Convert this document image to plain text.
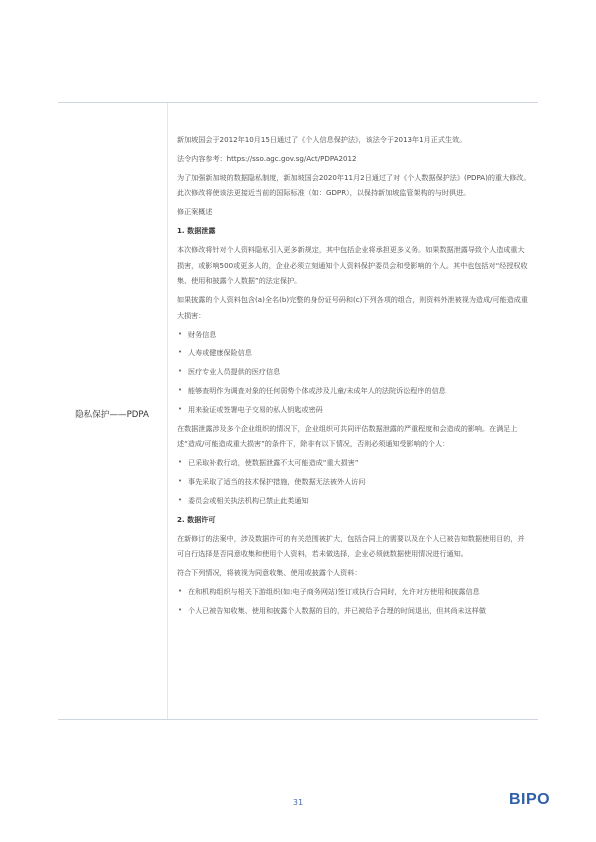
隐私保护——PDPA

新加坡国会于2012年10月15日通过了《个人信息保护法》，该法令于2013年1月正式生效。

法令内容参考：https://sso.agc.gov.sg/Act/PDPA2012

为了加强新加坡的数据隐私制度，新加坡国会2020年11月2日通过了对《个人数据保护法》(PDPA)的重大修改。此次修改将使该法更接近当前的国际标准（如：GDPR），以保持新加坡监管架构的与时俱进。

修正案概述

1. 数据泄露

本次修改将针对个人资料隐私引入更多新规定，其中包括企业将承担更多义务。如果数据泄露导致个人造成重大损害，或影响500或更多人的，企业必须立刻通知个人资料保护委员会和受影响的个人。其中也包括对“经授权收集、使用和披露个人数据”的法定保护。

如果披露的个人资料包含(a)全名(b)完整的身份证号码和(c)下列各项的组合，则资料外泄被视为造成/可能造成重大损害：

• 财务信息
• 人寿或健康保险信息
• 医疗专业人员提供的医疗信息
• 能够查明作为调查对象的任何弱势个体或涉及儿童/未成年人的法院诉讼程序的信息
• 用来验证或签署电子交易的私人钥匙或密码

在数据泄露涉及多个企业组织的情况下，企业组织可共同评估数据泄露的严重程度和会造成的影响。在满足上述“造成/可能造成重大损害”的条件下，除非有以下情况，否则必须通知受影响的个人：

• 已采取补救行动，使数据泄露不太可能造成“重大损害”
• 事先采取了适当的技术保护措施，使数据无法被外人访问
• 委员会或相关执法机构已禁止此类通知

2. 数据许可

在新修订的法案中，涉及数据许可的有关范围被扩大，包括合同上的需要以及在个人已被告知数据使用目的，并可自行选择是否同意收集和使用个人资料，若未做选择，企业必须就数据使用情况进行通知。

符合下列情况，将被视为同意收集、使用或披露个人资料：

• 在和机构组织与相关下游组织(如:电子商务网站)签订或执行合同时，允许对方使用和披露信息
• 个人已被告知收集、使用和披露个人数据的目的，并已被给予合理的时间退出，但其尚未这样做
31	BIPO
